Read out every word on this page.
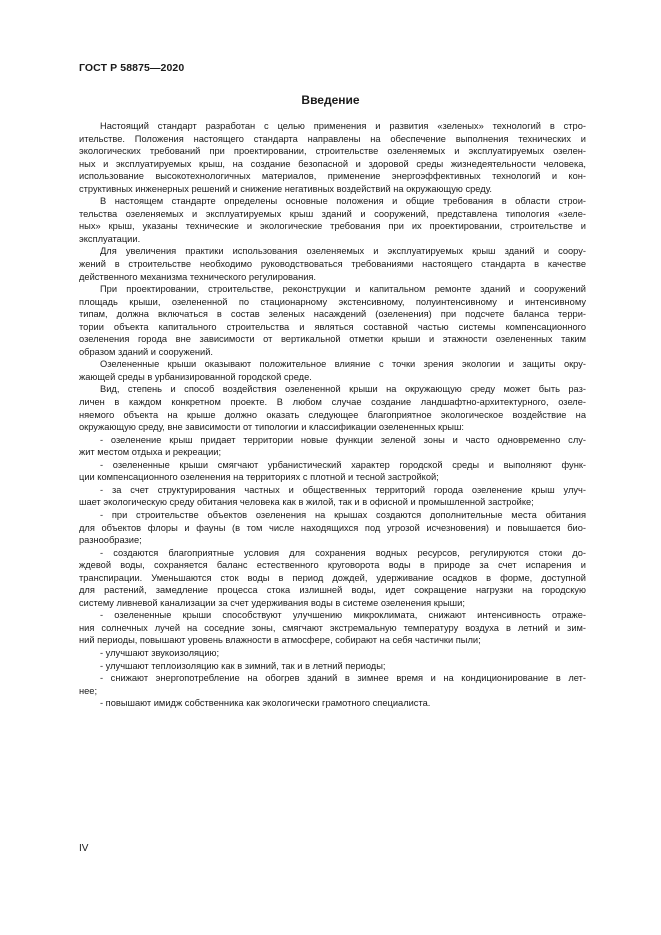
ГОСТ Р 58875—2020
Введение
Настоящий стандарт разработан с целью применения и развития «зеленых» технологий в стро-
ительстве. Положения настоящего стандарта направлены на обеспечение выполнения технических и
экологических требований при проектировании, строительстве озеленяемых и эксплуатируемых озелен-
ных и эксплуатируемых крыш, на создание безопасной и здоровой среды жизнедеятельности человека,
использование высокотехнологичных материалов, применение энергоэффективных технологий и кон-
структивных инженерных решений и снижение негативных воздействий на окружающую среду.
В настоящем стандарте определены основные положения и общие требования в области строи-
тельства озеленяемых и эксплуатируемых крыш зданий и сооружений, представлена типология «зеле-
ных» крыш, указаны технические и экологические требования при их проектировании, строительстве и
эксплуатации.
Для увеличения практики использования озеленяемых и эксплуатируемых крыш зданий и соору-
жений в строительстве необходимо руководствоваться требованиями настоящего стандарта в качестве
действенного механизма технического регулирования.
При проектировании, строительстве, реконструкции и капитальном ремонте зданий и сооружений
площадь крыши, озелененной по стационарному экстенсивному, полуинтенсивному и интенсивному
типам, должна включаться в состав зеленых насаждений (озеленения) при подсчете баланса терри-
тории объекта капитального строительства и являться составной частью системы компенсационного
озеленения города вне зависимости от вертикальной отметки крыши и этажности озелененных таким
образом зданий и сооружений.
Озелененные крыши оказывают положительное влияние с точки зрения экологии и защиты окру-
жающей среды в урбанизированной городской среде.
Вид, степень и способ воздействия озелененной крыши на окружающую среду может быть раз-
личен в каждом конкретном проекте. В любом случае создание ландшафтно-архитектурного, озеле-
няемого объекта на крыше должно оказать следующее благоприятное экологическое воздействие на
окружающую среду, вне зависимости от типологии и классификации озелененных крыш:
- озеленение крыш придает территории новые функции зеленой зоны и часто одновременно слу-
жит местом отдыха и рекреации;
- озелененные крыши смягчают урбанистический характер городской среды и выполняют функ-
ции компенсационного озеленения на территориях с плотной и тесной застройкой;
- за счет структурирования частных и общественных территорий города озеленение крыш улуч-
шает экологическую среду обитания человека как в жилой, так и в офисной и промышленной застройке;
- при строительстве объектов озеленения на крышах создаются дополнительные места обитания
для объектов флоры и фауны (в том числе находящихся под угрозой исчезновения) и повышается био-
разнообразие;
- создаются благоприятные условия для сохранения водных ресурсов, регулируются стоки до-
ждевой воды, сохраняется баланс естественного круговорота воды в природе за счет испарения и
транспирации. Уменьшаются сток воды в период дождей, удерживание осадков в форме, доступной
для растений, замедление процесса стока излишней воды, идет сокращение нагрузки на городскую
систему ливневой канализации за счет удерживания воды в системе озеленения крыши;
- озелененные крыши способствуют улучшению микроклимата, снижают интенсивность отраже-
ния солнечных лучей на соседние зоны, смягчают экстремальную температуру воздуха в летний и зим-
ний периоды, повышают уровень влажности в атмосфере, собирают на себя частички пыли;
- улучшают звукоизоляцию;
- улучшают теплоизоляцию как в зимний, так и в летний периоды;
- снижают энергопотребление на обогрев зданий в зимнее время и на кондиционирование в лет-
нее;
- повышают имидж собственника как экологически грамотного специалиста.
IV
